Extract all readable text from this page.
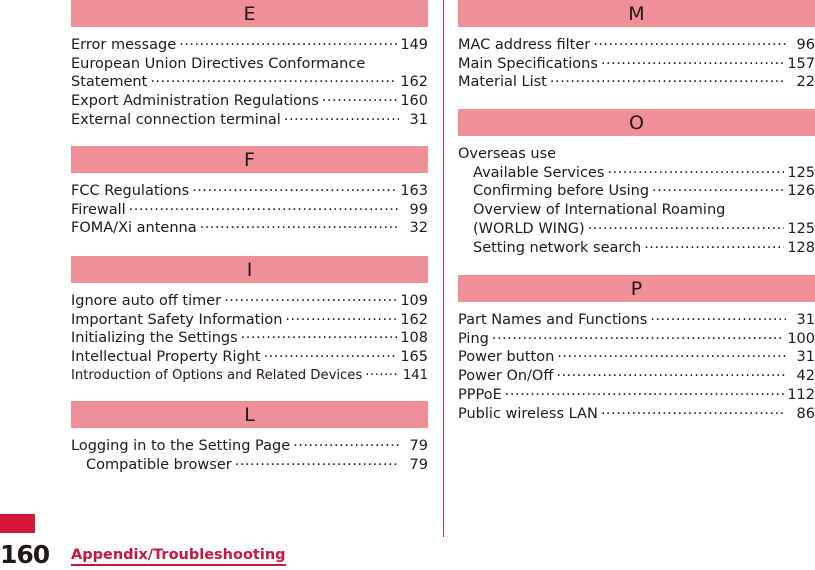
E
Error message ·····	149
European Union Directives Conformance
Statement ·····	162
Export Administration Regulations ·····	160
External connection terminal ·····	31
F
FCC Regulations ·····	163
Firewall ·····	99
FOMA/Xi antenna ·····	32
I
Ignore auto off timer ·····	109
Important Safety Information ·····	162
Initializing the Settings ·····	108
Intellectual Property Right ·····	165
Introduction of Options and Related Devices ·····	141
L
Logging in to the Setting Page ·····	79
Compatible browser ·····	79
M
MAC address filter ·····	96
Main Specifications ·····	157
Material List ·····	22
O
Overseas use
Available Services ·····	125
Confirming before Using ·····	126
Overview of International Roaming
(WORLD WING) ·····	125
Setting network search ·····	128
P
Part Names and Functions ·····	31
Ping ·····	100
Power button ·····	31
Power On/Off ·····	42
PPPoE ·····	112
Public wireless LAN ·····	86
160	Appendix/Troubleshooting
